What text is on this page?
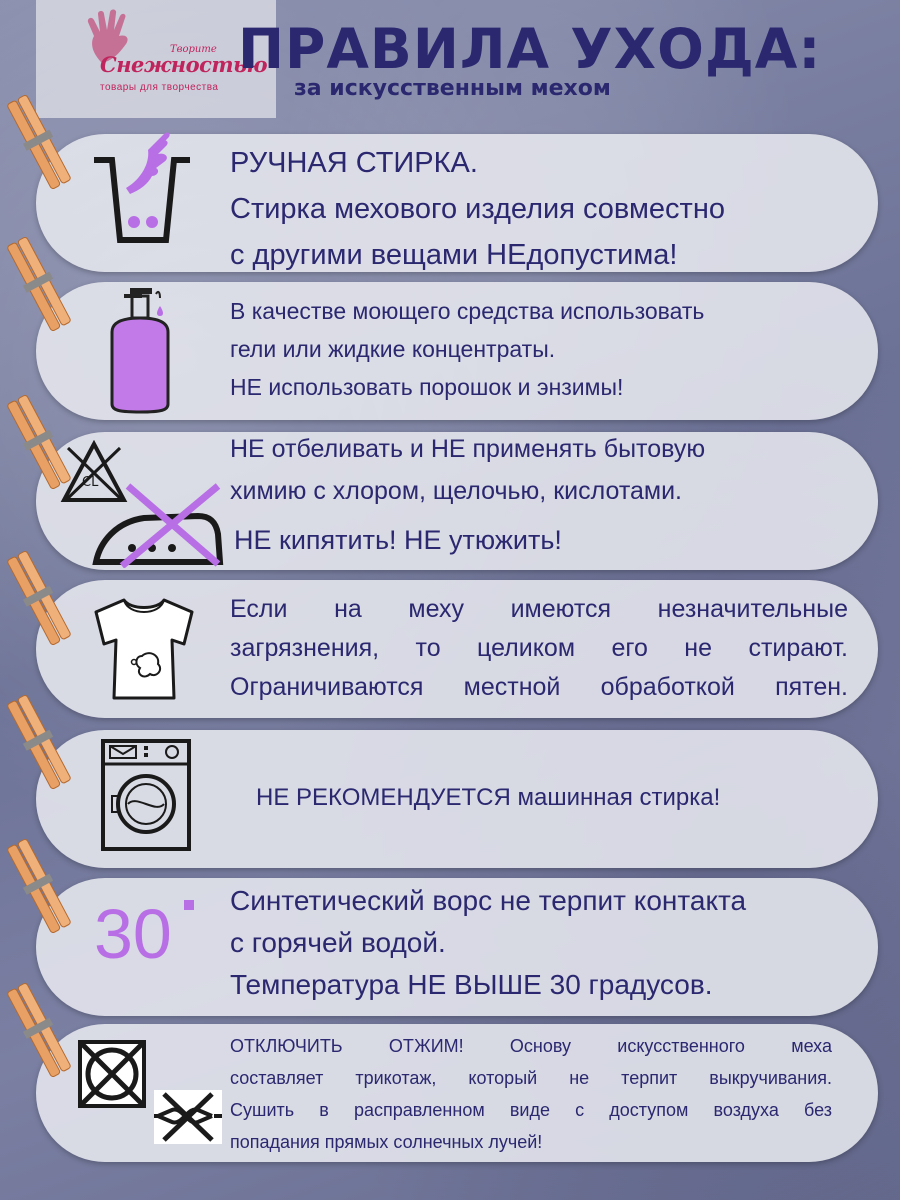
Творите
Снежностью
товары для творчества
ПРАВИЛА УХОДА:
за искусственным мехом
РУЧНАЯ СТИРКА.
Стирка мехового изделия совместно
с другими вещами НЕдопустима!
В качестве моющего средства использовать
гели или жидкие концентраты.
НЕ использовать порошок и энзимы!
CL
НЕ отбеливать и НЕ применять бытовую
химию с хлором, щелочью, кислотами.
НЕ кипятить! НЕ утюжить!
Если на меху имеются незначительные
загрязнения, то целиком его не стирают.
Ограничиваются местной обработкой пятен.
НЕ РЕКОМЕНДУЕТСЯ машинная стирка!
30 Синтетический ворс не терпит контакта
с горячей водой.
Температура НЕ ВЫШЕ 30 градусов.
ОТКЛЮЧИТЬ ОТЖИМ! Основу искусственного меха
составляет трикотаж, который не терпит выкручивания.
Сушить в расправленном виде с доступом воздуха без
попадания прямых солнечных лучей!
